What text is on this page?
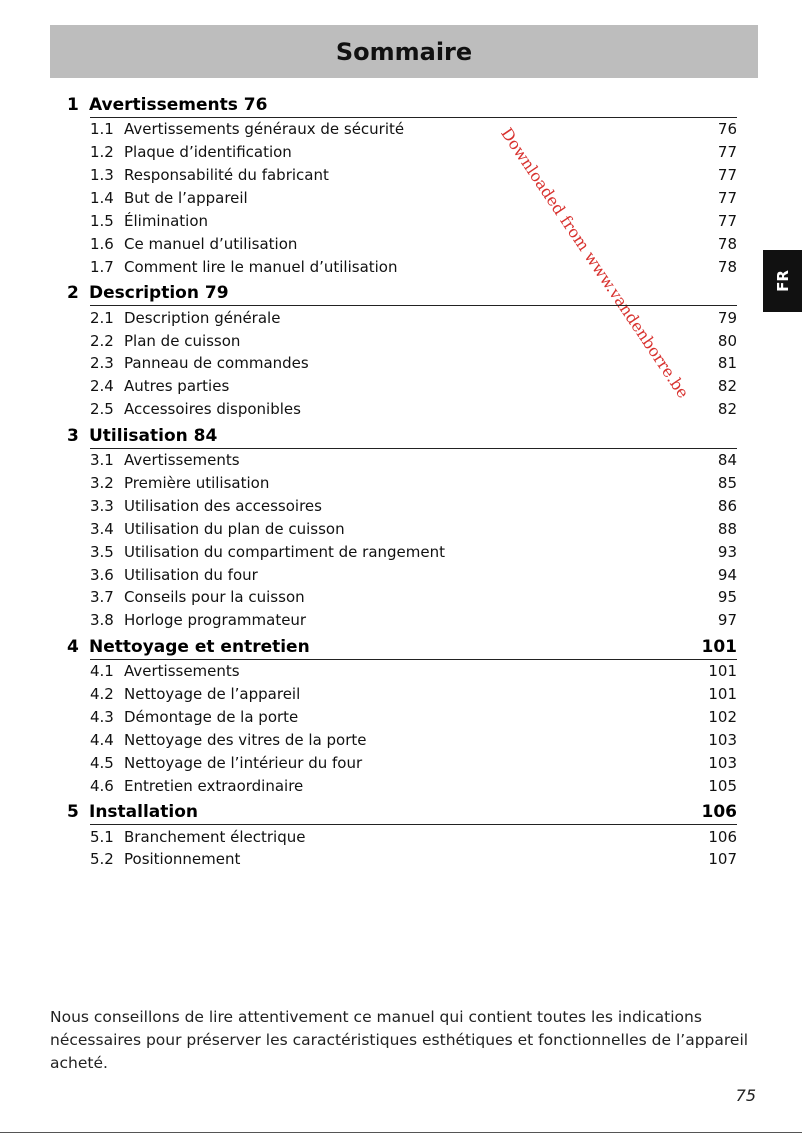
Sommaire
FR
Downloaded from www.vandenborre.be
1 Avertissements 76
1.1 Avertissements généraux de sécurité	76
1.2 Plaque d’identification	77
1.3 Responsabilité du fabricant	77
1.4 But de l’appareil	77
1.5 Élimination	77
1.6 Ce manuel d’utilisation	78
1.7 Comment lire le manuel d’utilisation	78
2 Description 79
2.1 Description générale	79
2.2 Plan de cuisson	80
2.3 Panneau de commandes	81
2.4 Autres parties	82
2.5 Accessoires disponibles	82
3 Utilisation 84
3.1 Avertissements	84
3.2 Première utilisation	85
3.3 Utilisation des accessoires	86
3.4 Utilisation du plan de cuisson	88
3.5 Utilisation du compartiment de rangement	93
3.6 Utilisation du four	94
3.7 Conseils pour la cuisson	95
3.8 Horloge programmateur	97
4 Nettoyage et entretien	101
4.1 Avertissements	101
4.2 Nettoyage de l’appareil	101
4.3 Démontage de la porte	102
4.4 Nettoyage des vitres de la porte	103
4.5 Nettoyage de l’intérieur du four	103
4.6 Entretien extraordinaire	105
5 Installation	106
5.1 Branchement électrique	106
5.2 Positionnement	107
Nous conseillons de lire attentivement ce manuel qui contient toutes les indications nécessaires pour préserver les caractéristiques esthétiques et fonctionnelles de l’appareil acheté.
75
